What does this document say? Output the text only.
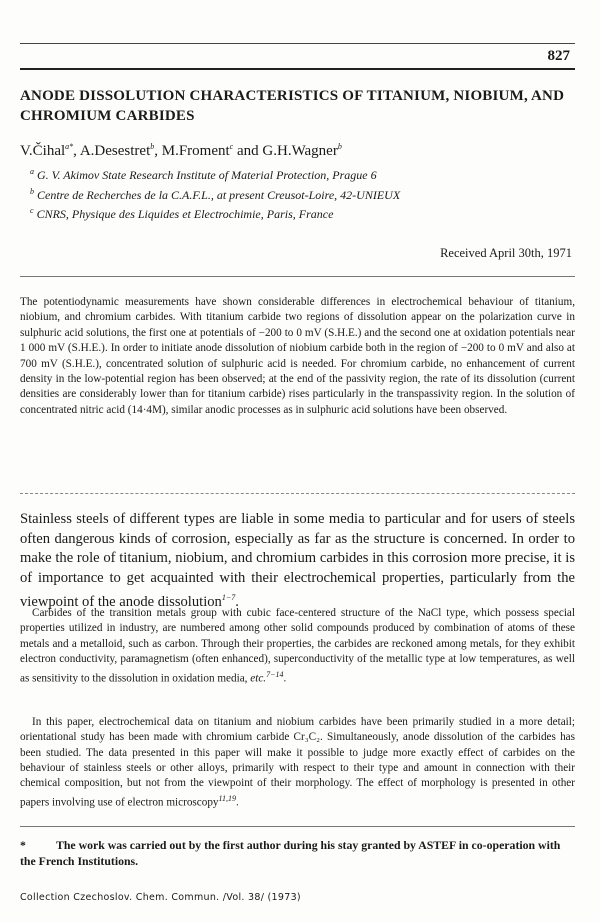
827
ANODE DISSOLUTION CHARACTERISTICS OF TITANIUM, NIOBIUM, AND CHROMIUM CARBIDES
V.Čihal$^{a*}$, A.Desestret$^b$, M.Froment$^c$ and G.H.Wagner$^b$
$^a$ G. V. Akimov State Research Institute of Material Protection, Prague 6
$^b$ Centre de Recherches de la C.A.F.L., at present Creusot-Loire, 42-UNIEUX
$^c$ CNRS, Physique des Liquides et Electrochimie, Paris, France
Received April 30th, 1971
The potentiodynamic measurements have shown considerable differences in electrochemical behaviour of titanium, niobium, and chromium carbides. With titanium carbide two regions of dissolution appear on the polarization curve in sulphuric acid solutions, the first one at potentials of −200 to 0 mV (S.H.E.) and the second one at oxidation potentials near 1 000 mV (S.H.E.). In order to initiate anode dissolution of niobium carbide both in the region of −200 to 0 mV and also at 700 mV (S.H.E.), concentrated solution of sulphuric acid is needed. For chromium carbide, no enhancement of current density in the low-potential region has been observed; at the end of the passivity region, the rate of its dissolution (current densities are considerably lower than for titanium carbide) rises particularly in the transpassivity region. In the solution of concentrated nitric acid (14·4M), similar anodic processes as in sulphuric acid solutions have been observed.
Stainless steels of different types are liable in some media to particular and for users of steels often dangerous kinds of corrosion, especially as far as the structure is concerned. In order to make the role of titanium, niobium, and chromium carbides in this corrosion more precise, it is of importance to get acquainted with their electrochemical properties, particularly from the viewpoint of the anode dissolution$^{1-7}$.
Carbides of the transition metals group with cubic face-centered structure of the NaCl type, which possess special properties utilized in industry, are numbered among other solid compounds produced by combination of atoms of these metals and a metalloid, such as carbon. Through their properties, the carbides are reckoned among metals, for they exhibit electron conductivity, paramagnetism (often enhanced), superconductivity of the metallic type at low temperatures, as well as sensitivity to the dissolution in oxidation media, etc.$^{7-14}$.
In this paper, electrochemical data on titanium and niobium carbides have been primarily studied in a more detail; orientational study has been made with chromium carbide Cr₃C₂. Simultaneously, anode dissolution of the carbides has been studied. The data presented in this paper will make it possible to judge more exactly effect of carbides on the behaviour of stainless steels or other alloys, primarily with respect to their type and amount in connection with their chemical composition, but not from the viewpoint of their morphology. The effect of morphology is presented in other papers involving use of electron microscopy$^{11,19}$.
*	The work was carried out by the first author during his stay granted by ASTEF in co-operation with the French Institutions.
Collection Czechoslov. Chem. Commun. /Vol. 38/ (1973)
